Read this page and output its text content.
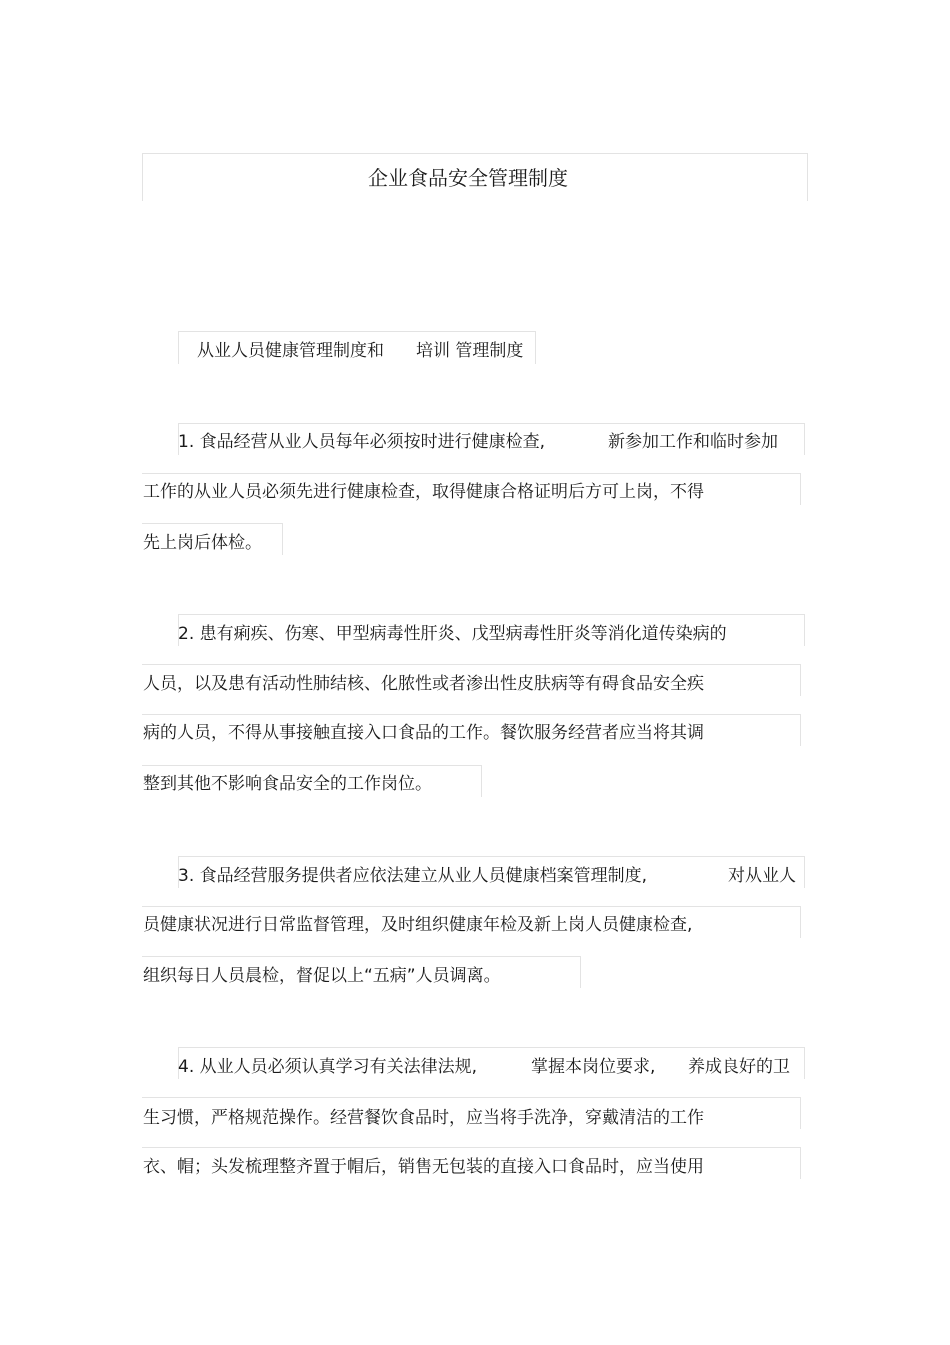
企业食品安全管理制度
从业人员健康管理制度和 培训 管理制度
1. 食品经营从业人员每年必须按时进行健康检查,	新参加工作和临时参加
工作的从业人员必须先进行健康检查，取得健康合格证明后方可上岗，不得
先上岗后体检。
2. 患有痢疾、伤寒、甲型病毒性肝炎、戊型病毒性肝炎等消化道传染病的
人员，以及患有活动性肺结核、化脓性或者渗出性皮肤病等有碍食品安全疾
病的人员，不得从事接触直接入口食品的工作。餐饮服务经营者应当将其调
整到其他不影响食品安全的工作岗位。
3. 食品经营服务提供者应依法建立从业人员健康档案管理制度,	对从业人
员健康状况进行日常监督管理，及时组织健康年检及新上岗人员健康检查,
组织每日人员晨检，督促以上“五病”人员调离。
4. 从业人员必须认真学习有关法律法规,	掌握本岗位要求, 养成良好的卫
生习惯，严格规范操作。经营餐饮食品时，应当将手洗净，穿戴清洁的工作
衣、帽；头发梳理整齐置于帽后，销售无包装的直接入口食品时，应当使用
